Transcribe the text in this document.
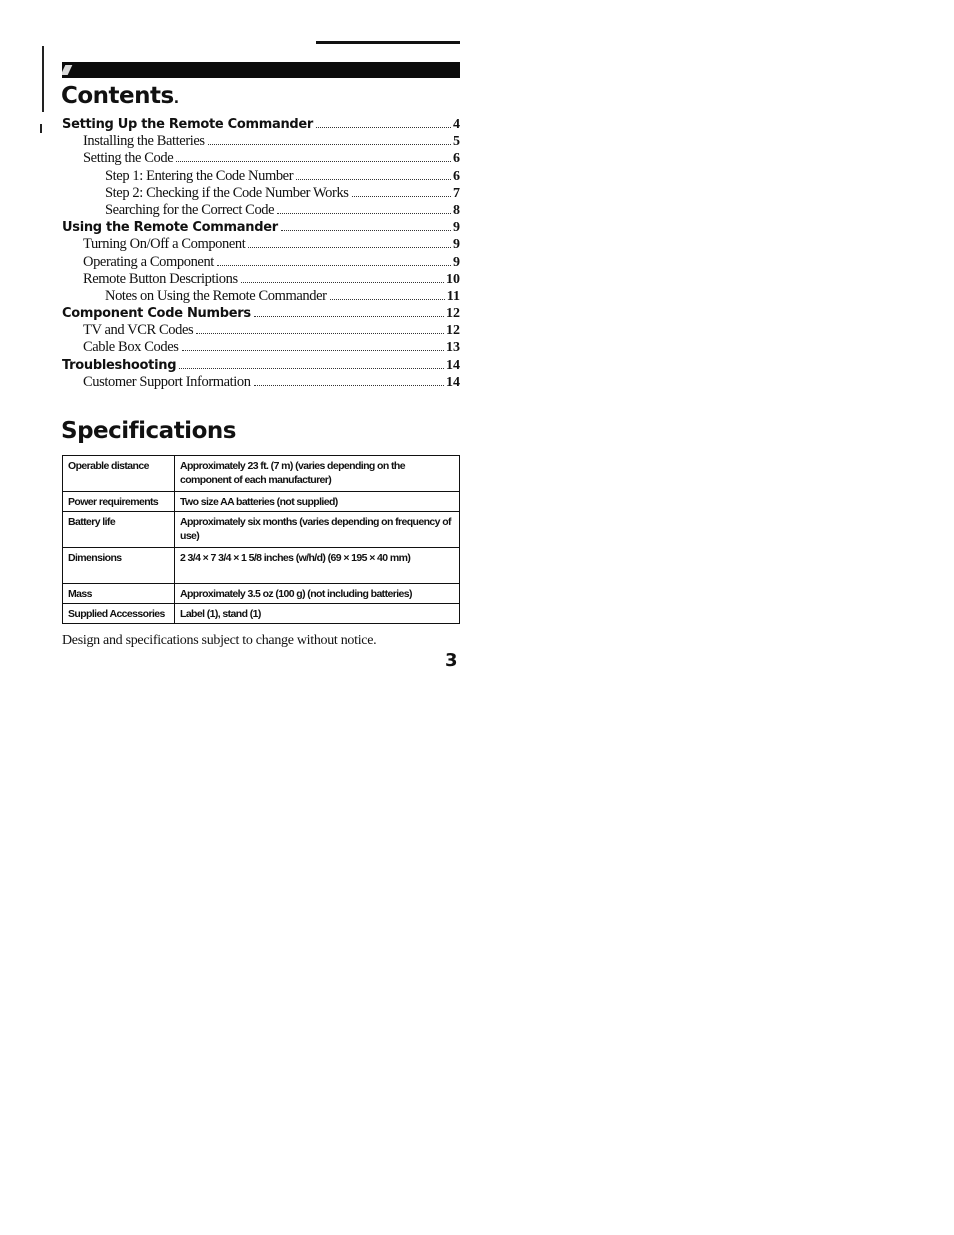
Contents.
Setting Up the Remote Commander	4
Installing the Batteries	5
Setting the Code	6
Step 1: Entering the Code Number	6
Step 2: Checking if the Code Number Works	7
Searching for the Correct Code	8
Using the Remote Commander	9
Turning On/Off a Component	9
Operating a Component	9
Remote Button Descriptions	10
Notes on Using the Remote Commander	11
Component Code Numbers	12
TV and VCR Codes	12
Cable Box Codes	13
Troubleshooting	14
Customer Support Information	14
Specifications
Operable distance	Approximately 23 ft. (7 m) (varies depending on the component of each manufacturer)
Power requirements	Two size AA batteries (not supplied)
Battery life	Approximately six months (varies depending on frequency of use)
Dimensions	2 3/4 × 7 3/4 × 1 5/8 inches (w/h/d) (69 × 195 × 40 mm)
Mass	Approximately 3.5 oz (100 g) (not including batteries)
Supplied Accessories	Label (1), stand (1)

Design and specifications subject to change without notice.

3
